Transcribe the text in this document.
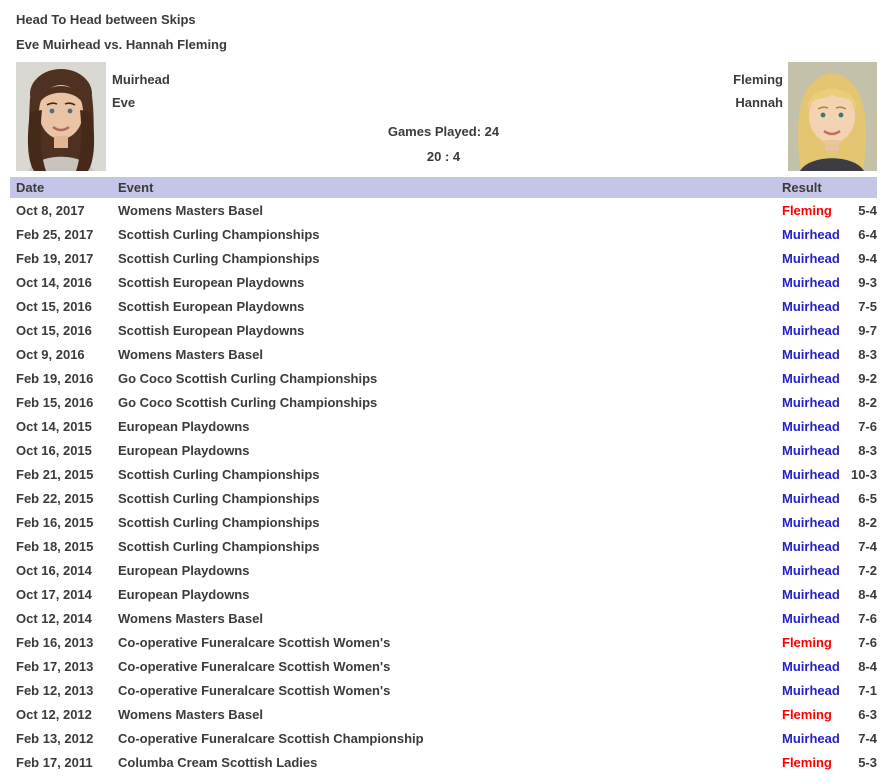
Head To Head between Skips
Eve Muirhead vs. Hannah Fleming
Muirhead
Eve
Fleming
Hannah
Games Played: 24
20 : 4
Date	Event	Result
Oct 8, 2017	Womens Masters Basel	Fleming 5-4
Feb 25, 2017 Scottish Curling Championships	Muirhead 6-4
Feb 19, 2017 Scottish Curling Championships	Muirhead 9-4
Oct 14, 2016 Scottish European Playdowns	Muirhead 9-3
Oct 15, 2016 Scottish European Playdowns	Muirhead 7-5
Oct 15, 2016 Scottish European Playdowns	Muirhead 9-7
Oct 9, 2016	Womens Masters Basel	Muirhead 8-3
Feb 19, 2016 Go Coco Scottish Curling Championships	Muirhead 9-2
Feb 15, 2016 Go Coco Scottish Curling Championships	Muirhead 8-2
Oct 14, 2015 European Playdowns	Muirhead 7-6
Oct 16, 2015 European Playdowns	Muirhead 8-3
Feb 21, 2015 Scottish Curling Championships	Muirhead 10-3
Feb 22, 2015 Scottish Curling Championships	Muirhead 6-5
Feb 16, 2015 Scottish Curling Championships	Muirhead 8-2
Feb 18, 2015 Scottish Curling Championships	Muirhead 7-4
Oct 16, 2014 European Playdowns	Muirhead 7-2
Oct 17, 2014 European Playdowns	Muirhead 8-4
Oct 12, 2014 Womens Masters Basel	Muirhead 7-6
Feb 16, 2013 Co-operative Funeralcare Scottish Women's	Fleming 7-6
Feb 17, 2013 Co-operative Funeralcare Scottish Women's	Muirhead 8-4
Feb 12, 2013 Co-operative Funeralcare Scottish Women's	Muirhead 7-1
Oct 12, 2012 Womens Masters Basel	Fleming 6-3
Feb 13, 2012 Co-operative Funeralcare Scottish Championship	Muirhead 7-4
Feb 17, 2011 Columba Cream Scottish Ladies	Fleming 5-3
